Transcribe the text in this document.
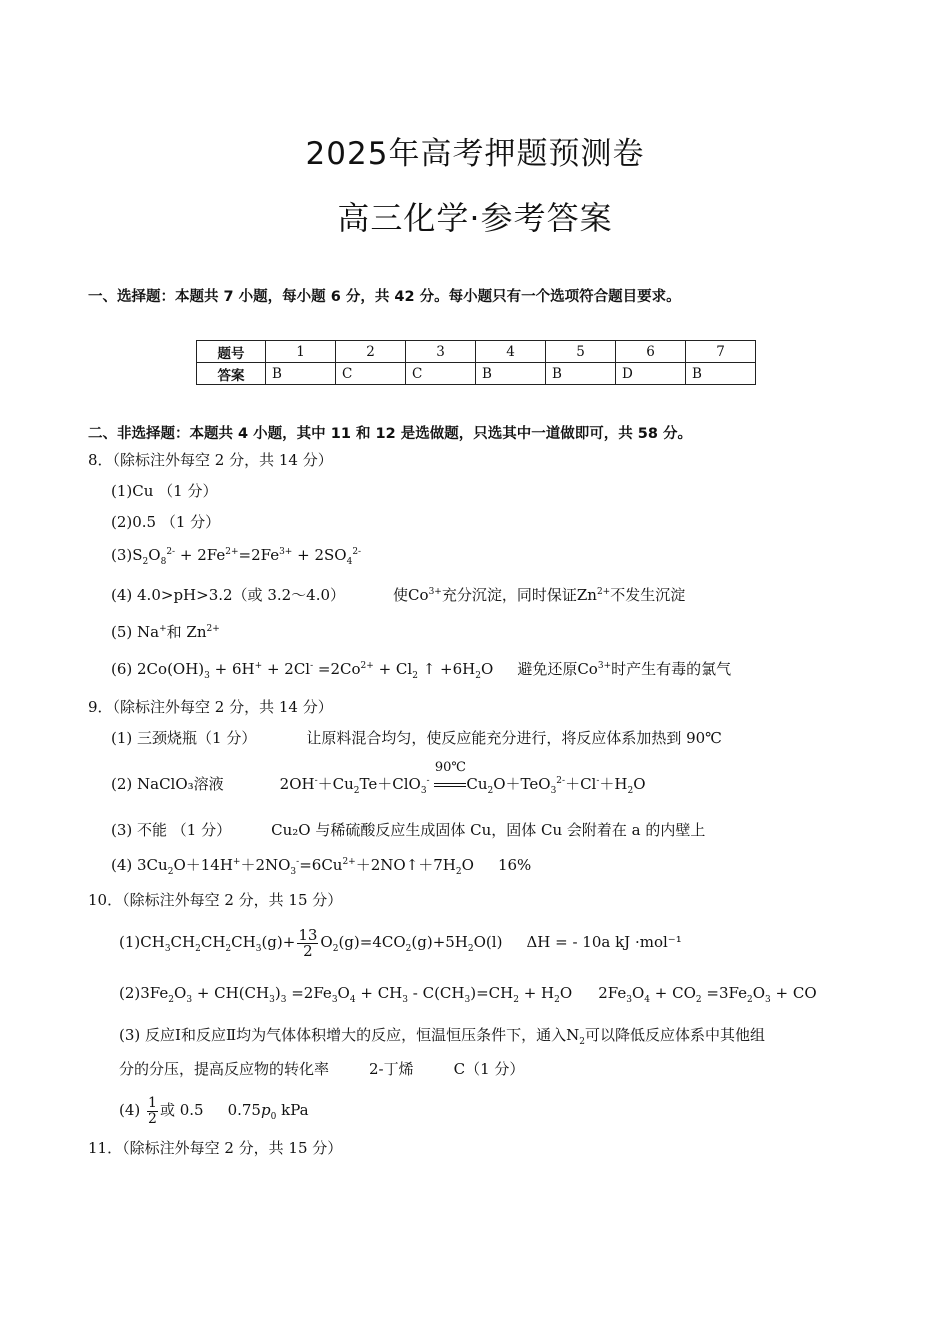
2025年高考押题预测卷
高三化学·参考答案
一、选择题：本题共 7 小题，每小题 6 分，共 42 分。每小题只有一个选项符合题目要求。
题号	1	2	3	4	5	6	7
答案	B	C	C	B	B	D	B
二、非选择题：本题共 4 小题，其中 11 和 12 是选做题，只选其中一道做即可，共 58 分。
8．（除标注外每空 2 分，共 14 分）
(1)Cu （1 分）
(2)0.5 （1 分）
$(3)S_2O_8^{2-} + 2Fe^{2+}=2Fe^{3+} + 2SO_4^{2-}$
(4) 4.0>pH>3.2（或 3.2～4.0）	使$Co^{3+}$充分沉淀，同时保证$Zn^{2+}$不发生沉淀
(5) Na+和 $Zn^{2+}$
(6) $2Co(OH)_3 + 6H^+ + 2Cl^- =2Co^{2+} + Cl_2$ ↑ $+6H_2O$ 避免还原$Co^{3+}$时产生有毒的氯气
9．（除标注外每空 2 分，共 14 分）
(1) 三颈烧瓶（1 分）	让原料混合均匀，使反应能充分进行，将反应体系加热到 90℃
(2) NaClO₃溶液	$2OH^-+Cu_2Te+ClO_3^-$
90℃
$Cu_2O+TeO_3^{2-}+Cl^-+H_2O$
(3) 不能 （1 分）	Cu₂O 与稀硫酸反应生成固体 Cu，固体 Cu 会附着在 a 的内壁上
(4) $3Cu_2O+14H^++2NO_3^-=6Cu^{2+}+2NO↑+7H_2O$ 16%
10．（除标注外每空 2 分，共 15 分）
$(1)CH_3CH_2CH_2CH_3(g)+ \frac{13}{2} O_2(g)=4CO_2(g)+5H_2O(l) \Delta H$ = - 10a kJ ·mol⁻¹
$(2)3Fe_2O_3 + CH(CH_3)_3 =2Fe_3O_4 + CH_3 - C(CH_3)=CH_2 + H_2O$ $2Fe_3O_4 + CO_2 =3Fe_2O_3$ + CO
(3) 反应Ⅰ和反应Ⅱ均为气体体积增大的反应，恒温恒压条件下，通入$N_2$可以降低反应体系中其他组
分的分压，提高反应物的转化率	2-丁烯	C（1 分）
$(4) \frac{1}{2}$ 或 0.5 $0.75p_0$ kPa
11．（除标注外每空 2 分，共 15 分）
